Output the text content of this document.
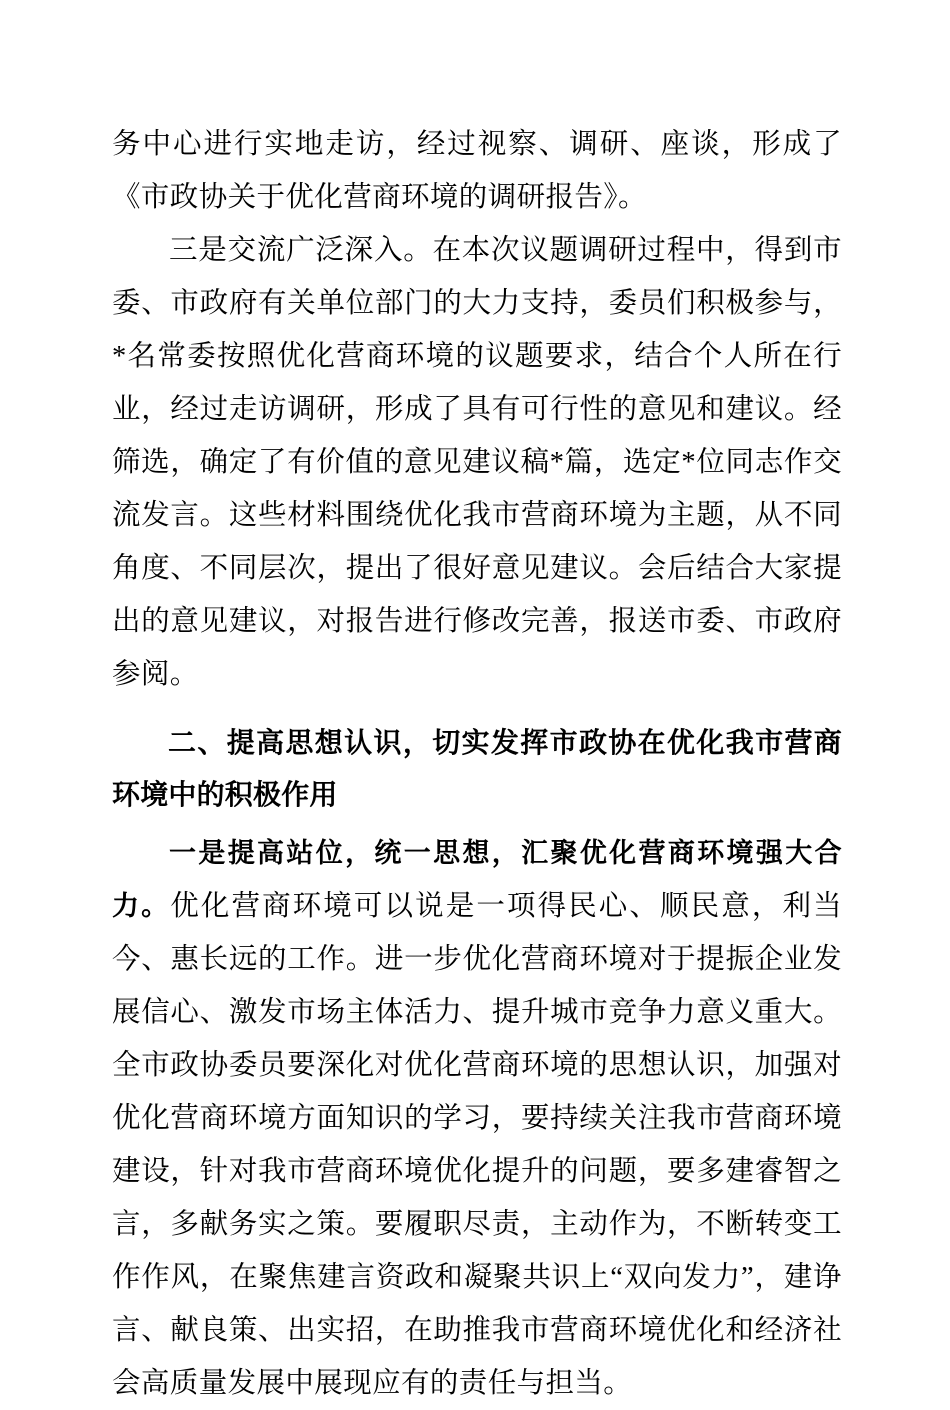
务中心进行实地走访，经过视察、调研、座谈，形成了《市政协关于优化营商环境的调研报告》。

三是交流广泛深入。在本次议题调研过程中，得到市委、市政府有关单位部门的大力支持，委员们积极参与，*名常委按照优化营商环境的议题要求，结合个人所在行业，经过走访调研，形成了具有可行性的意见和建议。经筛选，确定了有价值的意见建议稿*篇，选定*位同志作交流发言。这些材料围绕优化我市营商环境为主题，从不同角度、不同层次，提出了很好意见建议。会后结合大家提出的意见建议，对报告进行修改完善，报送市委、市政府参阅。

二、提高思想认识，切实发挥市政协在优化我市营商环境中的积极作用

一是提高站位，统一思想，汇聚优化营商环境强大合力。优化营商环境可以说是一项得民心、顺民意，利当今、惠长远的工作。进一步优化营商环境对于提振企业发展信心、激发市场主体活力、提升城市竞争力意义重大。全市政协委员要深化对优化营商环境的思想认识，加强对优化营商环境方面知识的学习，要持续关注我市营商环境建设，针对我市营商环境优化提升的问题，要多建睿智之言，多献务实之策。要履职尽责，主动作为，不断转变工作作风，在聚焦建言资政和凝聚共识上“双向发力”，建诤言、献良策、出实招，在助推我市营商环境优化和经济社会高质量发展中展现应有的责任与担当。
